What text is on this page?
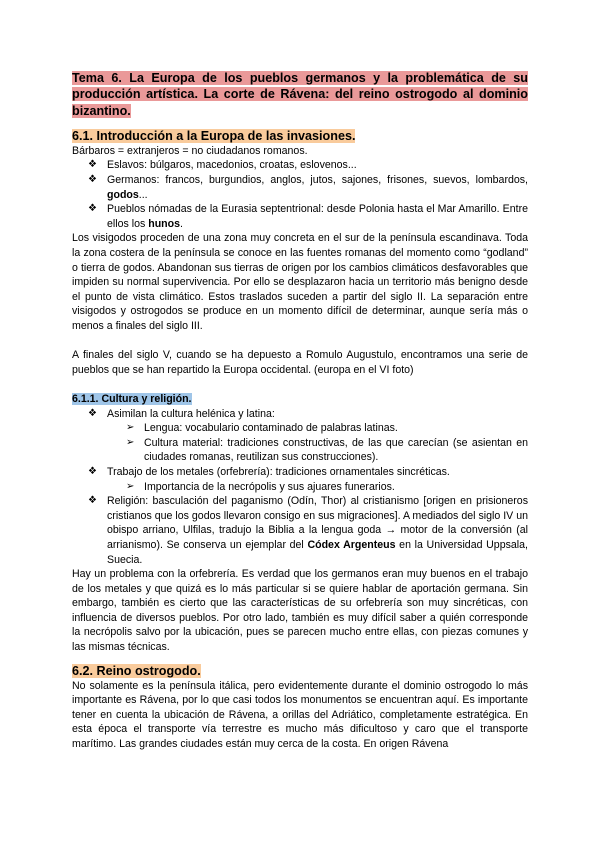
Tema 6. La Europa de los pueblos germanos y la problemática de su producción artística. La corte de Rávena: del reino ostrogodo al dominio bizantino.
6.1. Introducción a la Europa de las invasiones.

Bárbaros = extranjeros = no ciudadanos romanos.

❖ Eslavos: búlgaros, macedonios, croatas, eslovenos...
❖ Germanos: francos, burgundios, anglos, jutos, sajones, frisones, suevos, lombardos, godos...
❖ Pueblos nómadas de la Eurasia septentrional: desde Polonia hasta el Mar Amarillo. Entre ellos los hunos.

Los visigodos proceden de una zona muy concreta en el sur de la península escandinava. Toda la zona costera de la península se conoce en las fuentes romanas del momento como “godland” o tierra de godos. Abandonan sus tierras de origen por los cambios climáticos desfavorables que impiden su normal supervivencia. Por ello se desplazaron hacia un territorio más benigno desde el punto de vista climático. Estos traslados suceden a partir del siglo II. La separación entre visigodos y ostrogodos se produce en un momento difícil de determinar, aunque sería más o menos a finales del siglo III.

A finales del siglo V, cuando se ha depuesto a Romulo Augustulo, encontramos una serie de pueblos que se han repartido la Europa occidental. (europa en el VI foto)

6.1.1. Cultura y religión.
❖ Asimilan la cultura helénica y latina:
➢ Lengua: vocabulario contaminado de palabras latinas.
➢ Cultura material: tradiciones constructivas, de las que carecían (se asientan en ciudades romanas, reutilizan sus construcciones).
❖ Trabajo de los metales (orfebrería): tradiciones ornamentales sincréticas.
➢ Importancia de la necrópolis y sus ajuares funerarios.
❖ Religión: basculación del paganismo (Odín, Thor) al cristianismo [origen en prisioneros cristianos que los godos llevaron consigo en sus migraciones]. A mediados del siglo IV un obispo arriano, Ulfilas, tradujo la Biblia a la lengua goda → motor de la conversión (al arrianismo). Se conserva un ejemplar del Códex Argenteus en la Universidad Uppsala, Suecia.

Hay un problema con la orfebrería. Es verdad que los germanos eran muy buenos en el trabajo de los metales y que quizá es lo más particular si se quiere hablar de aportación germana. Sin embargo, también es cierto que las características de su orfebrería son muy sincréticas, con influencia de diversos pueblos. Por otro lado, también es muy difícil saber a quién corresponde la necrópolis salvo por la ubicación, pues se parecen mucho entre ellas, con piezas comunes y las mismas técnicas.

6.2. Reino ostrogodo.

No solamente es la península itálica, pero evidentemente durante el dominio ostrogodo lo más importante es Rávena, por lo que casi todos los monumentos se encuentran aquí. Es importante tener en cuenta la ubicación de Rávena, a orillas del Adriático, completamente estratégica. En esta época el transporte vía terrestre es mucho más dificultoso y caro que el transporte marítimo. Las grandes ciudades están muy cerca de la costa. En origen Rávena
